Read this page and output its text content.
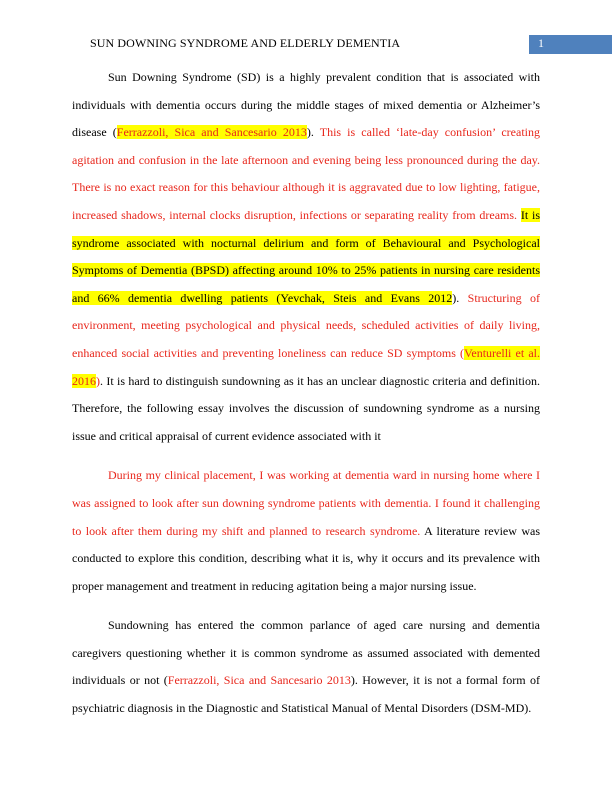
SUN DOWNING SYNDROME AND ELDERLY DEMENTIA	1

Sun Downing Syndrome (SD) is a highly prevalent condition that is associated with individuals with dementia occurs during the middle stages of mixed dementia or Alzheimer’s disease (Ferrazzoli, Sica and Sancesario 2013). This is called ‘late-day confusion’ creating agitation and confusion in the late afternoon and evening being less pronounced during the day. There is no exact reason for this behaviour although it is aggravated due to low lighting, fatigue, increased shadows, internal clocks disruption, infections or separating reality from dreams. It is syndrome associated with nocturnal delirium and form of Behavioural and Psychological Symptoms of Dementia (BPSD) affecting around 10% to 25% patients in nursing care residents and 66% dementia dwelling patients (Yevchak, Steis and Evans 2012). Structuring of environment, meeting psychological and physical needs, scheduled activities of daily living, enhanced social activities and preventing loneliness can reduce SD symptoms (Venturelli et al. 2016). It is hard to distinguish sundowning as it has an unclear diagnostic criteria and definition. Therefore, the following essay involves the discussion of sundowning syndrome as a nursing issue and critical appraisal of current evidence associated with it

During my clinical placement, I was working at dementia ward in nursing home where I was assigned to look after sun downing syndrome patients with dementia. I found it challenging to look after them during my shift and planned to research syndrome. A literature review was conducted to explore this condition, describing what it is, why it occurs and its prevalence with proper management and treatment in reducing agitation being a major nursing issue.

Sundowning has entered the common parlance of aged care nursing and dementia caregivers questioning whether it is common syndrome as assumed associated with demented individuals or not (Ferrazzoli, Sica and Sancesario 2013). However, it is not a formal form of psychiatric diagnosis in the Diagnostic and Statistical Manual of Mental Disorders (DSM-MD).
